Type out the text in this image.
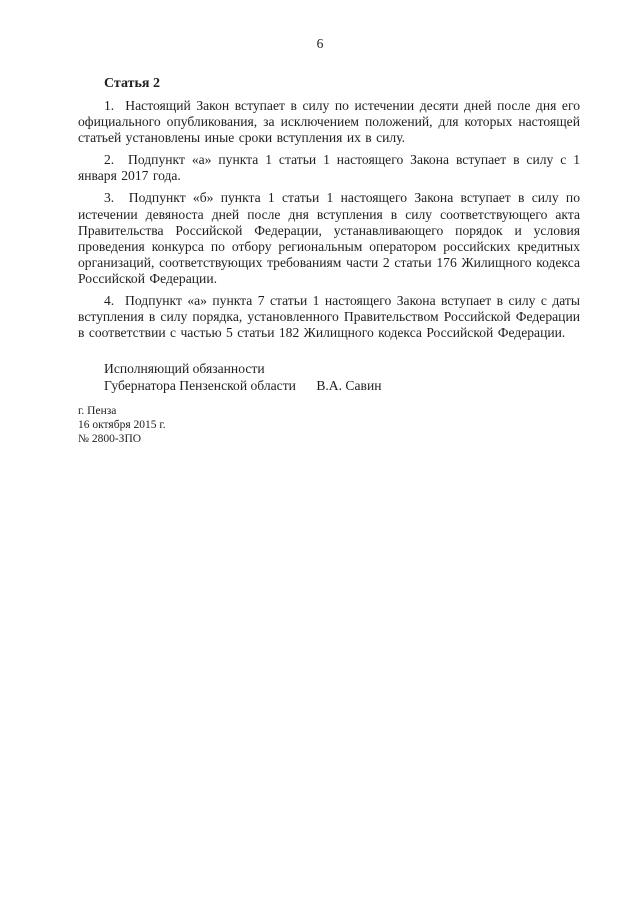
6

Статья 2

1.  Настоящий Закон вступает в силу по истечении десяти дней после дня его официального опубликования, за исключением положений, для которых настоящей статьей установлены иные сроки вступления их в силу.

2.  Подпункт «а» пункта 1 статьи 1 настоящего Закона вступает в силу с 1 января 2017 года.

3.  Подпункт «б» пункта 1 статьи 1 настоящего Закона вступает в силу по истечении девяноста дней после дня вступления в силу соответствующего акта Правительства Российской Федерации, устанавливающего порядок и условия проведения конкурса по отбору региональным оператором российских кредитных организаций, соответствующих требованиям части 2 статьи 176 Жилищного кодекса Российской Федерации.

4.  Подпункт «а» пункта 7 статьи 1 настоящего Закона вступает в силу с даты вступления в силу порядка, установленного Правительством Российской Федерации в соответствии с частью 5 статьи 182 Жилищного кодекса Российской Федерации.

Исполняющий обязанности

Губернатора Пензенской области В.А. Савин

г. Пенза

16 октября 2015 г.

№ 2800-ЗПО
